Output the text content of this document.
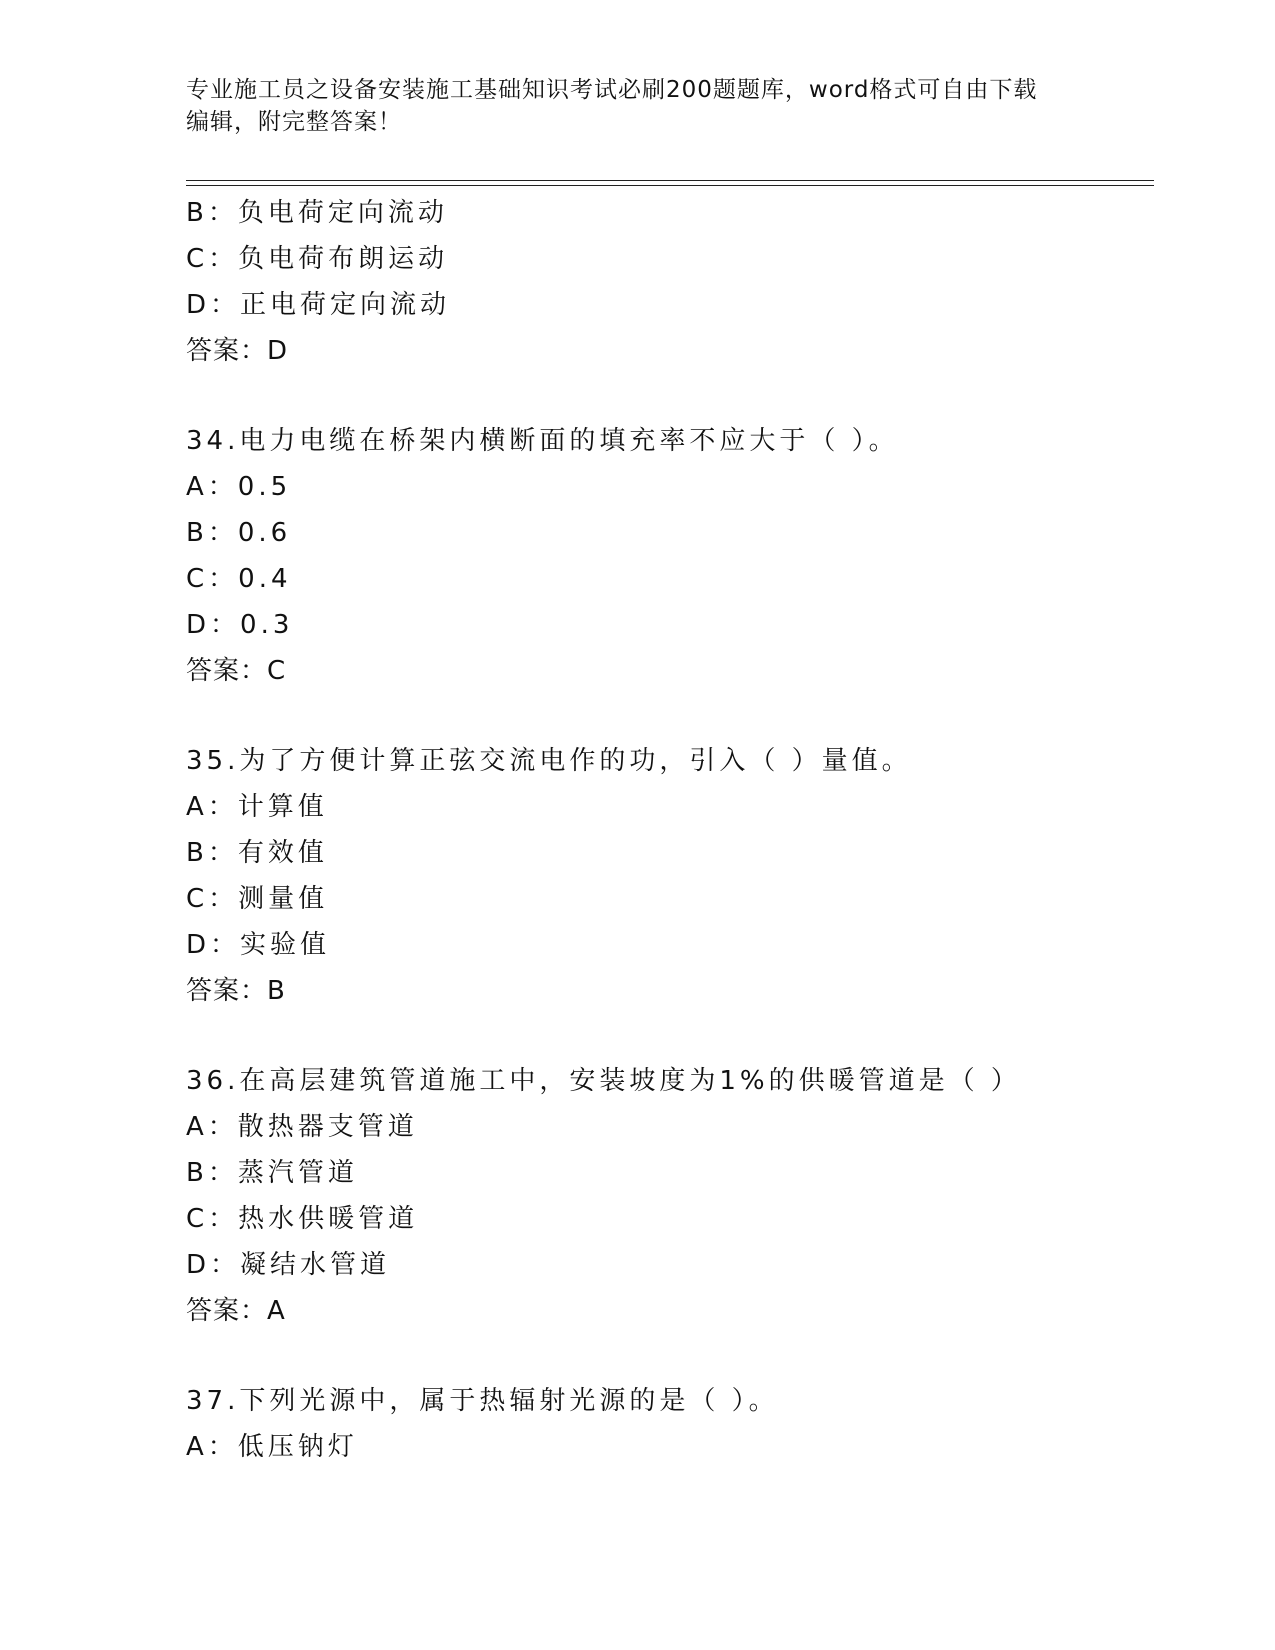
专业施工员之设备安装施工基础知识考试必刷200题题库，word格式可自由下载
编辑，附完整答案！
B：负电荷定向流动
C：负电荷布朗运动
D：正电荷定向流动
答案：D
34.电力电缆在桥架内横断面的填充率不应大于（ ）。
A：0.5
B：0.6
C：0.4
D：0.3
答案：C
35.为了方便计算正弦交流电作的功，引入（ ）量值。
A：计算值
B：有效值
C：测量值
D：实验值
答案：B
36.在高层建筑管道施工中，安装坡度为1%的供暖管道是（ ）
A：散热器支管道
B：蒸汽管道
C：热水供暖管道
D：凝结水管道
答案：A
37.下列光源中，属于热辐射光源的是（ ）。
A：低压钠灯
